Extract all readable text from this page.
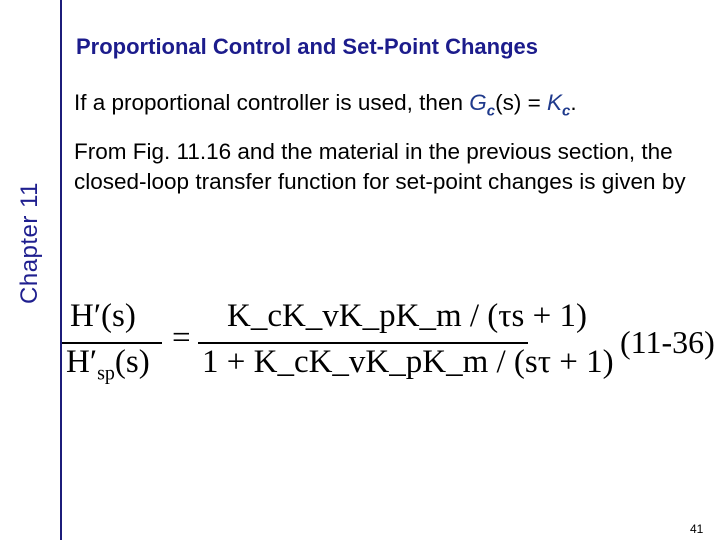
Chapter 11
Proportional Control and Set-Point Changes
If a proportional controller is used, then $G_c(s) = K_c$.
From Fig. 11.16 and the material in the previous section, the closed-loop transfer function for set-point changes is given by
H′(s)
$H'_{sp}(s)$
=
K_cK_vK_pK_m / (τs + 1)
1 + K_cK_vK_pK_m / (sτ + 1)
(11-36)
41
